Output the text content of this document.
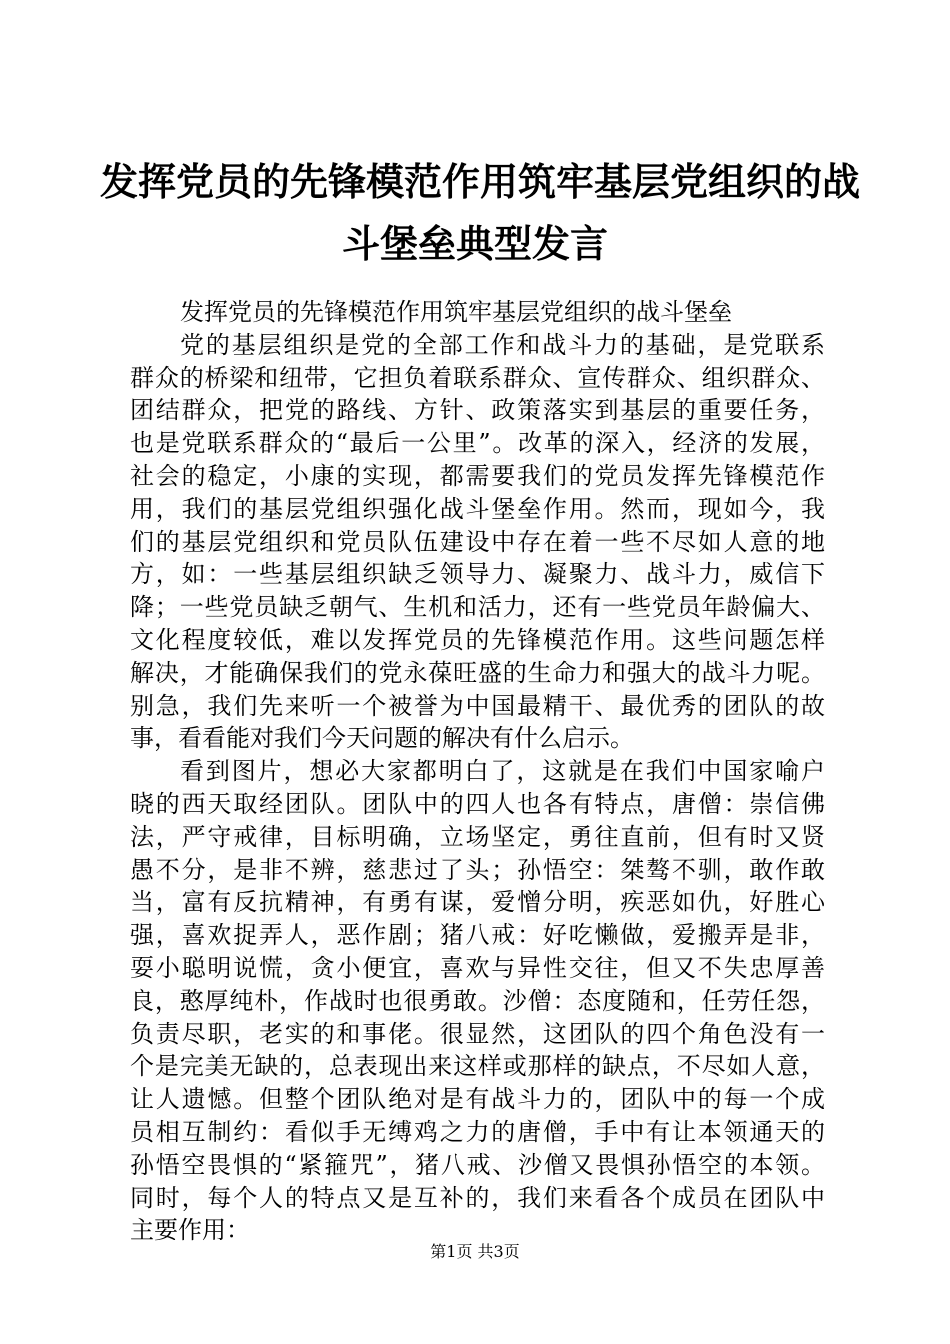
发挥党员的先锋模范作用筑牢基层党组织的战
斗堡垒典型发言
发挥党员的先锋模范作用筑牢基层党组织的战斗堡垒
党的基层组织是党的全部工作和战斗力的基础，是党联系
群众的桥梁和纽带，它担负着联系群众、宣传群众、组织群众、
团结群众，把党的路线、方针、政策落实到基层的重要任务，
也是党联系群众的“最后一公里”。改革的深入，经济的发展，
社会的稳定，小康的实现，都需要我们的党员发挥先锋模范作
用，我们的基层党组织强化战斗堡垒作用。然而，现如今，我
们的基层党组织和党员队伍建设中存在着一些不尽如人意的地
方，如：一些基层组织缺乏领导力、凝聚力、战斗力，威信下
降；一些党员缺乏朝气、生机和活力，还有一些党员年龄偏大、
文化程度较低，难以发挥党员的先锋模范作用。这些问题怎样
解决，才能确保我们的党永葆旺盛的生命力和强大的战斗力呢。
别急，我们先来听一个被誉为中国最精干、最优秀的团队的故
事，看看能对我们今天问题的解决有什么启示。
看到图片，想必大家都明白了，这就是在我们中国家喻户
晓的西天取经团队。团队中的四人也各有特点，唐僧：崇信佛
法，严守戒律，目标明确，立场坚定，勇往直前，但有时又贤
愚不分，是非不辨，慈悲过了头；孙悟空：桀骜不驯，敢作敢
当，富有反抗精神，有勇有谋，爱憎分明，疾恶如仇，好胜心
强，喜欢捉弄人，恶作剧；猪八戒：好吃懒做，爱搬弄是非，
耍小聪明说慌，贪小便宜，喜欢与异性交往，但又不失忠厚善
良，憨厚纯朴，作战时也很勇敢。沙僧：态度随和，任劳任怨，
负责尽职，老实的和事佬。很显然，这团队的四个角色没有一
个是完美无缺的，总表现出来这样或那样的缺点，不尽如人意，
让人遗憾。但整个团队绝对是有战斗力的，团队中的每一个成
员相互制约：看似手无缚鸡之力的唐僧，手中有让本领通天的
孙悟空畏惧的“紧箍咒”，猪八戒、沙僧又畏惧孙悟空的本领。
同时，每个人的特点又是互补的，我们来看各个成员在团队中
主要作用：
第1页 共3页
